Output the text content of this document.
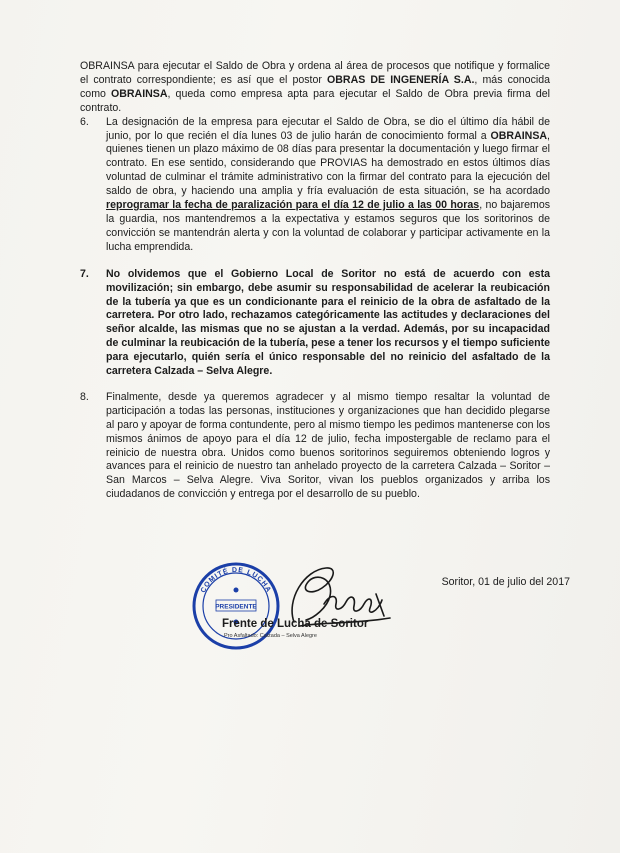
OBRAINSA para ejecutar el Saldo de Obra y ordena al área de procesos que notifique y formalice el contrato correspondiente; es así que el postor OBRAS DE INGENERÍA S.A., más conocida como OBRAINSA, queda como empresa apta para ejecutar el Saldo de Obra previa firma del contrato.

6. La designación de la empresa para ejecutar el Saldo de Obra, se dio el último día hábil de junio, por lo que recién el día lunes 03 de julio harán de conocimiento formal a OBRAINSA, quienes tienen un plazo máximo de 08 días para presentar la documentación y luego firmar el contrato. En ese sentido, considerando que PROVIAS ha demostrado en estos últimos días voluntad de culminar el trámite administrativo con la firmar del contrato para la ejecución del saldo de obra, y haciendo una amplia y fría evaluación de esta situación, se ha acordado reprogramar la fecha de paralización para el día 12 de julio a las 00 horas, no bajaremos la guardia, nos mantendremos a la expectativa y estamos seguros que los soritorinos de convicción se mantendrán alerta y con la voluntad de colaborar y participar activamente en la lucha emprendida.

7. No olvidemos que el Gobierno Local de Soritor no está de acuerdo con esta movilización; sin embargo, debe asumir su responsabilidad de acelerar la reubicación de la tubería ya que es un condicionante para el reinicio de la obra de asfaltado de la carretera. Por otro lado, rechazamos categóricamente las actitudes y declaraciones del señor alcalde, las mismas que no se ajustan a la verdad. Además, por su incapacidad de culminar la reubicación de la tubería, pese a tener los recursos y el tiempo suficiente para ejecutarlo, quién sería el único responsable del no reinicio del asfaltado de la carretera Calzada – Selva Alegre.

8. Finalmente, desde ya queremos agradecer y al mismo tiempo resaltar la voluntad de participación a todas las personas, instituciones y organizaciones que han decidido plegarse al paro y apoyar de forma contundente, pero al mismo tiempo les pedimos mantenerse con los mismos ánimos de apoyo para el día 12 de julio, fecha impostergable de reclamo para el reinicio de nuestra obra. Unidos como buenos soritorinos seguiremos obteniendo logros y avances para el reinicio de nuestro tan anhelado proyecto de la carretera Calzada – Soritor – San Marcos – Selva Alegre. Viva Soritor, vivan los pueblos organizados y arriba los ciudadanos de convicción y entrega por el desarrollo de su pueblo.

COMITÉ DE LUCHA
PRESIDENTE
Soritor, 01 de julio del 2017
Frente de Lucha de Soritor
Pro Asfaltado: Calzada – Selva Alegre
